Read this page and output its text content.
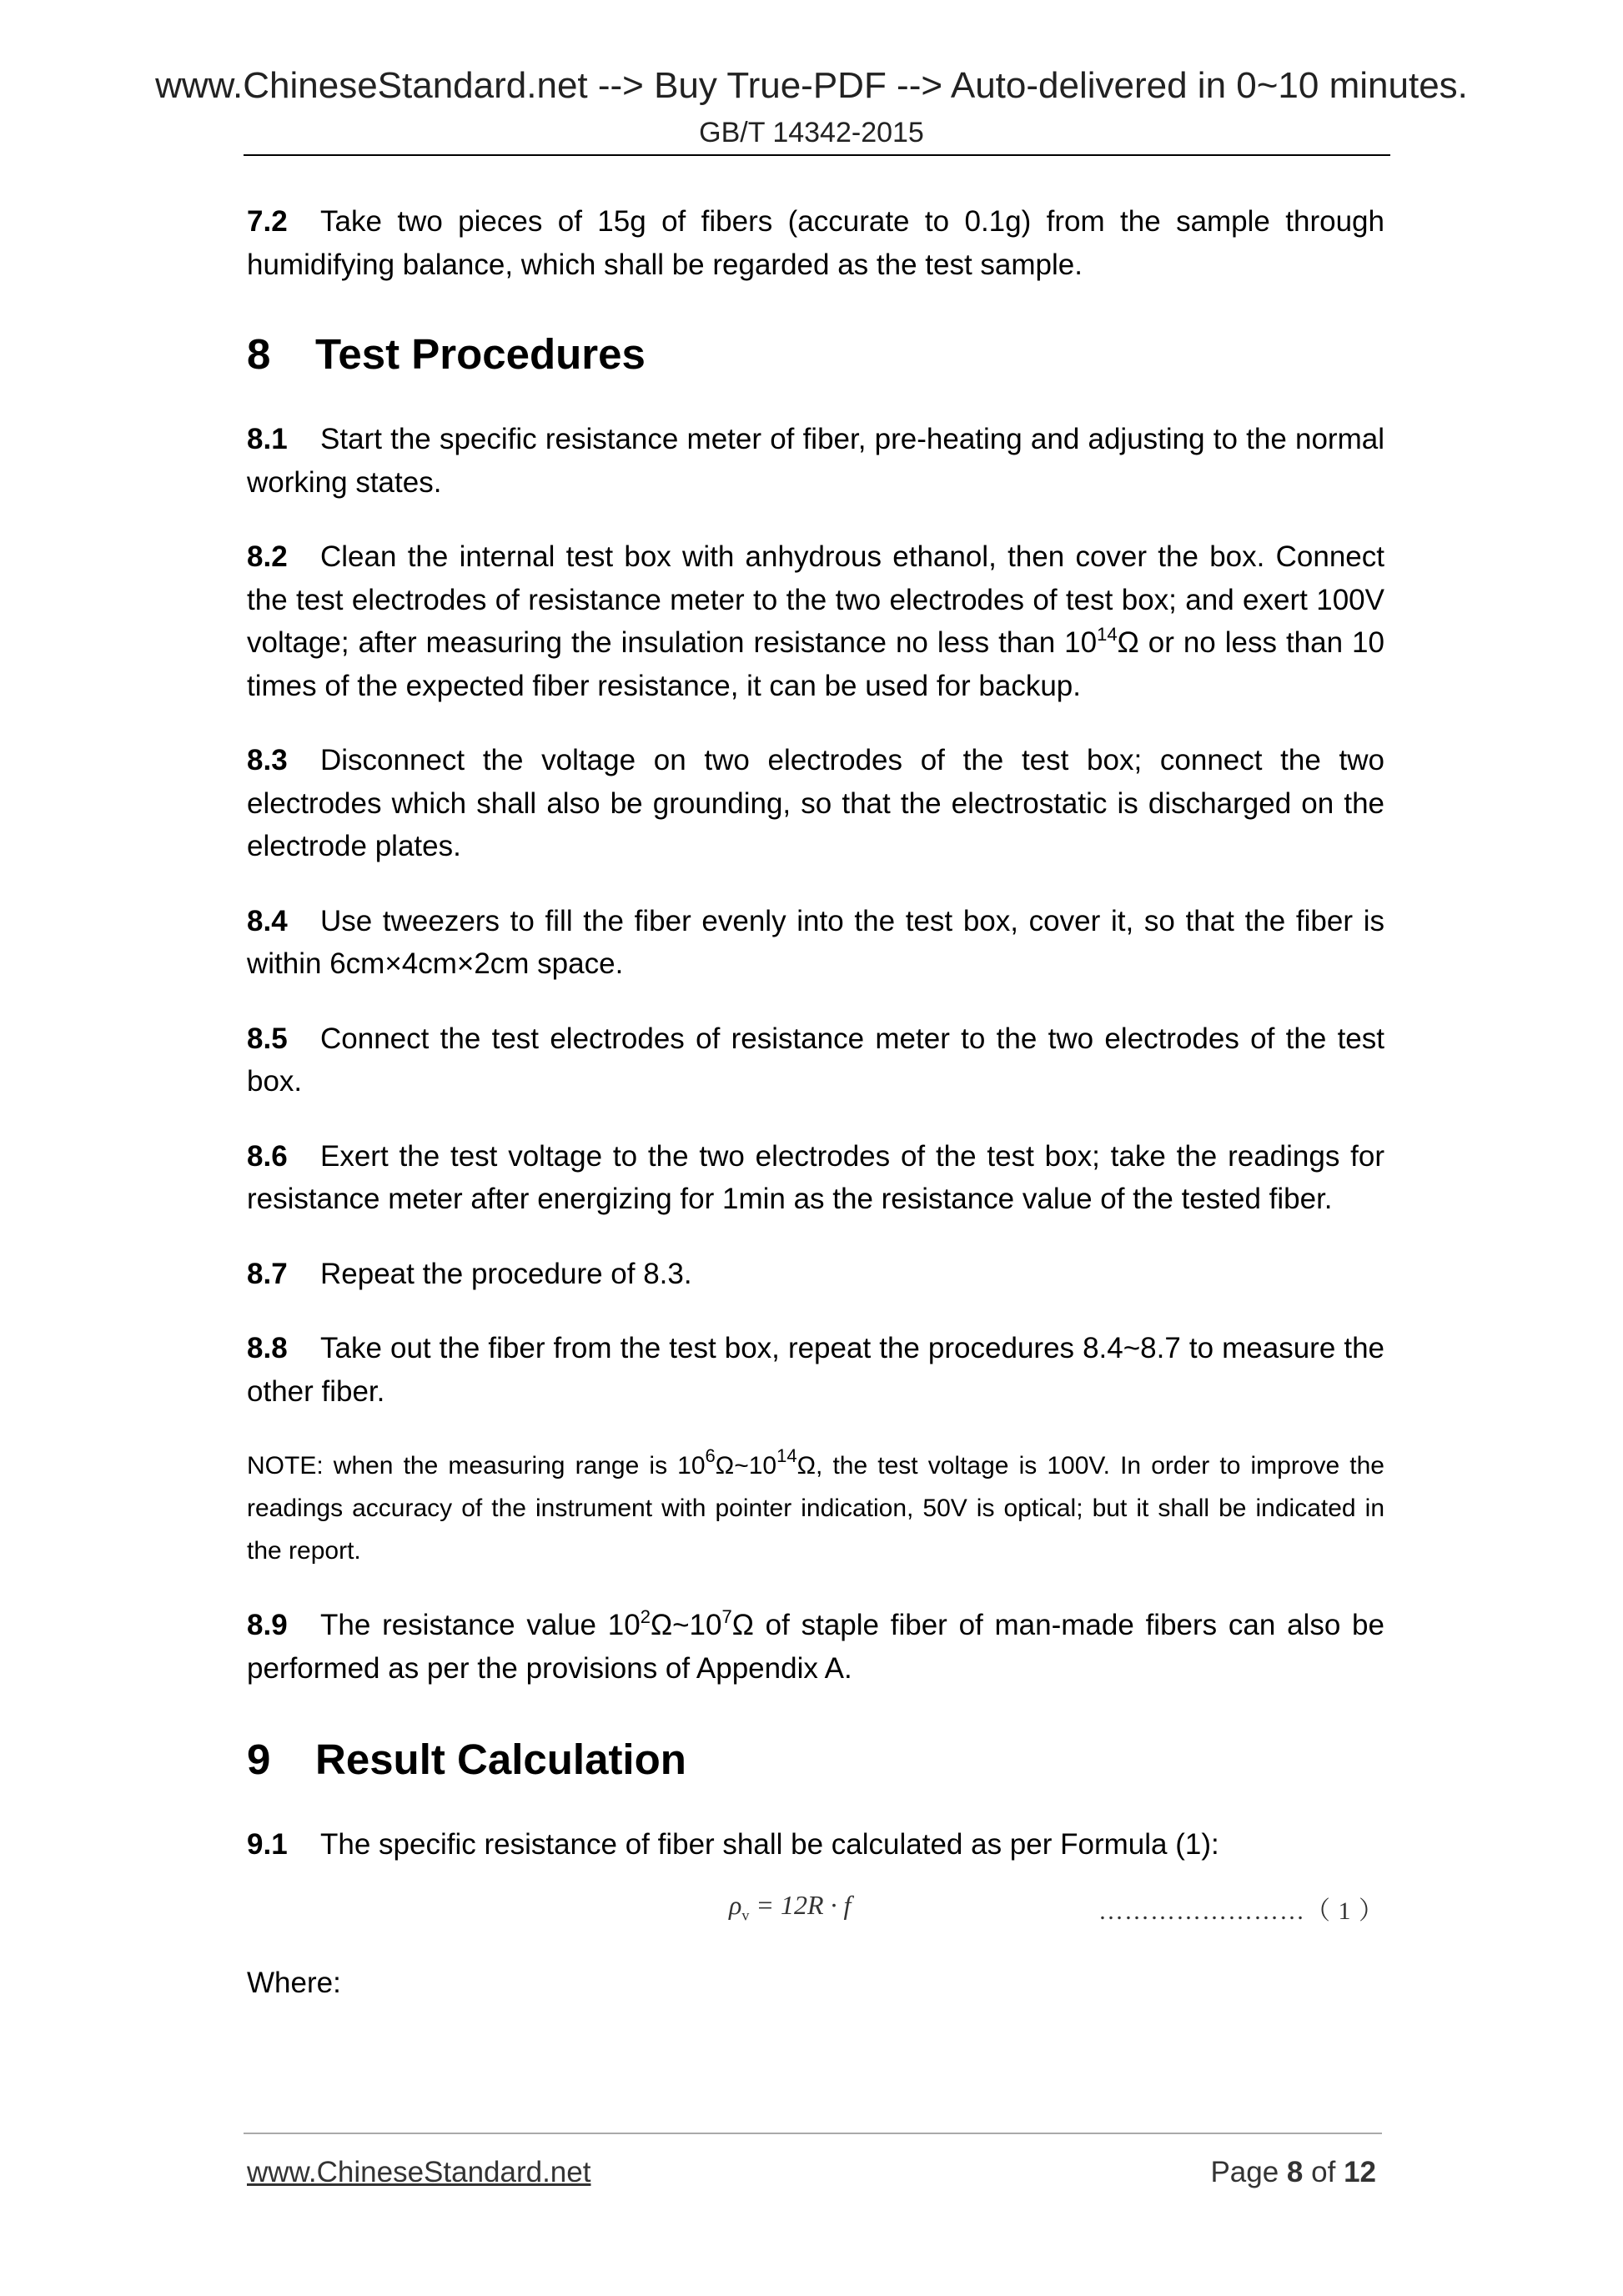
www.ChineseStandard.net --> Buy True-PDF --> Auto-delivered in 0~10 minutes.
GB/T 14342-2015

7.2 Take two pieces of 15g of fibers (accurate to 0.1g) from the sample through humidifying balance, which shall be regarded as the test sample.

8 Test Procedures

8.1 Start the specific resistance meter of fiber, pre-heating and adjusting to the normal working states.

8.2 Clean the internal test box with anhydrous ethanol, then cover the box. Connect the test electrodes of resistance meter to the two electrodes of test box; and exert 100V voltage; after measuring the insulation resistance no less than $10^{14}\Omega$ or no less than 10 times of the expected fiber resistance, it can be used for backup.

8.3 Disconnect the voltage on two electrodes of the test box; connect the two electrodes which shall also be grounding, so that the electrostatic is discharged on the electrode plates.

8.4 Use tweezers to fill the fiber evenly into the test box, cover it, so that the fiber is within 6cm×4cm×2cm space.

8.5 Connect the test electrodes of resistance meter to the two electrodes of the test box.

8.6 Exert the test voltage to the two electrodes of the test box; take the readings for resistance meter after energizing for 1min as the resistance value of the tested fiber.

8.7 Repeat the procedure of 8.3.

8.8 Take out the fiber from the test box, repeat the procedures 8.4~8.7 to measure the other fiber.

NOTE: when the measuring range is $10^6\Omega\sim 10^{14}\Omega$, the test voltage is 100V. In order to improve the readings accuracy of the instrument with pointer indication, 50V is optical; but it shall be indicated in the report.

8.9 The resistance value $10^2\Omega\sim 10^7\Omega$ of staple fiber of man-made fibers can also be performed as per the provisions of Appendix A.

9 Result Calculation

9.1 The specific resistance of fiber shall be calculated as per Formula (1):

$\rho_v = 12R \cdot f$	……………………（ 1 ）

Where:

www.ChineseStandard.net	Page 8 of 12
